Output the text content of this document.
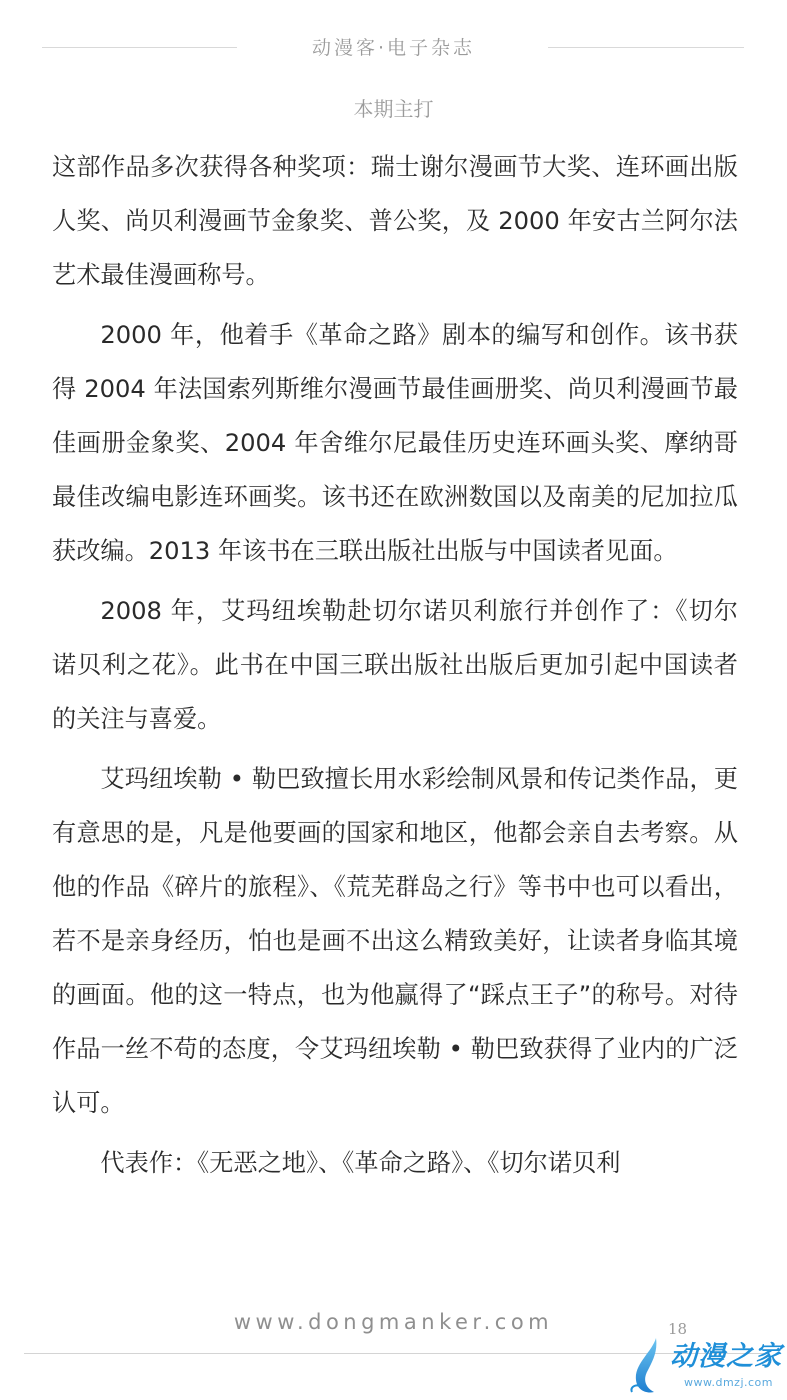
动漫客·电子杂志
本期主打

这部作品多次获得各种奖项：瑞士谢尔漫画节大奖、连环画出版人奖、尚贝利漫画节金象奖、普公奖，及 2000 年安古兰阿尔法艺术最佳漫画称号。

2000 年，他着手《革命之路》剧本的编写和创作。该书获得 2004 年法国索列斯维尔漫画节最佳画册奖、尚贝利漫画节最佳画册金象奖、2004 年舍维尔尼最佳历史连环画头奖、摩纳哥最佳改编电影连环画奖。该书还在欧洲数国以及南美的尼加拉瓜获改编。2013 年该书在三联出版社出版与中国读者见面。

2008 年，艾玛纽埃勒赴切尔诺贝利旅行并创作了：《切尔诺贝利之花》。此书在中国三联出版社出版后更加引起中国读者的关注与喜爱。

艾玛纽埃勒 • 勒巴致擅长用水彩绘制风景和传记类作品，更有意思的是，凡是他要画的国家和地区，他都会亲自去考察。从他的作品《碎片的旅程》、《荒芜群岛之行》等书中也可以看出，若不是亲身经历，怕也是画不出这么精致美好，让读者身临其境的画面。他的这一特点，也为他赢得了“踩点王子”的称号。对待作品一丝不苟的态度，令艾玛纽埃勒 • 勒巴致获得了业内的广泛认可。

代表作：《无恶之地》、《革命之路》、《切尔诺贝利

www.dongmanker.com	18
动漫之家
www.dmzj.com
